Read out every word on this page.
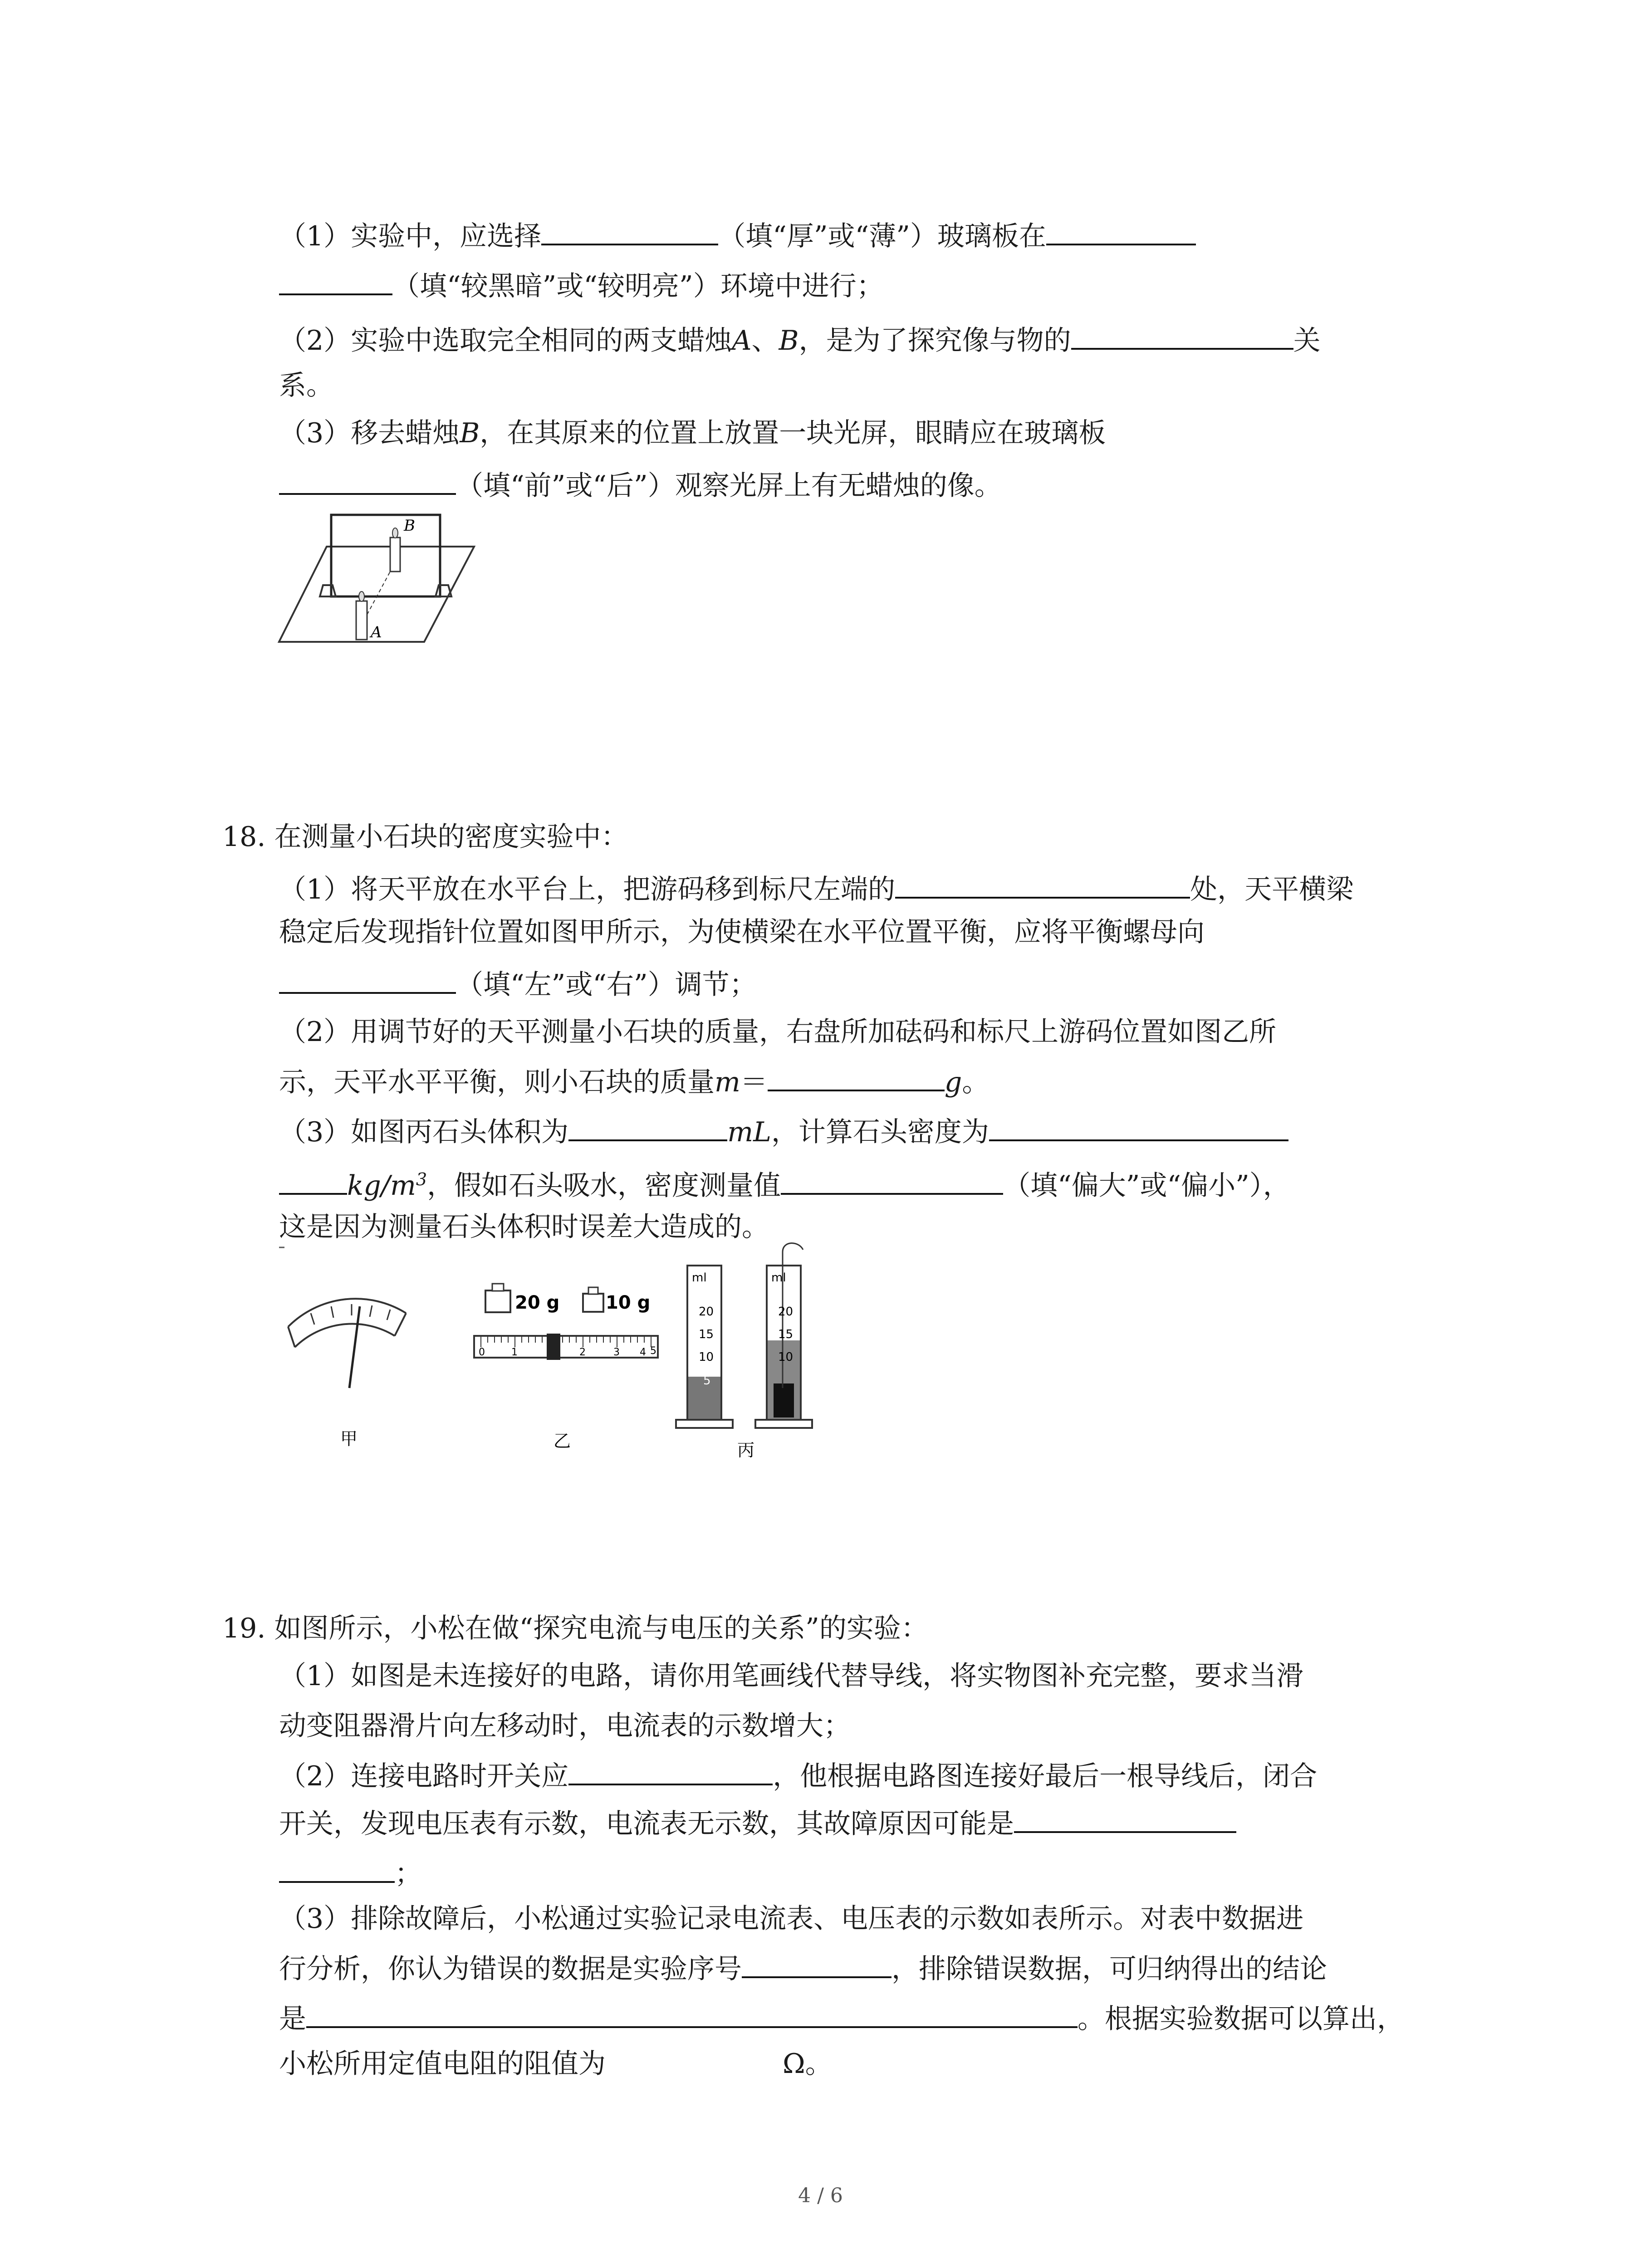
（1）实验中，应选择	（填“厚”或“薄”）玻璃板在
（填“较黑暗”或“较明亮”）环境中进行；
（2）实验中选取完全相同的两支蜡烛A、B，是为了探究像与物的	关
系。
（3）移去蜡烛B，在其原来的位置上放置一块光屏，眼睛应在玻璃板
（填“前”或“后”）观察光屏上有无蜡烛的像。
B
A
18. 在测量小石块的密度实验中：
（1）将天平放在水平台上，把游码移到标尺左端的	处，天平横梁
稳定后发现指针位置如图甲所示，为使横梁在水平位置平衡，应将平衡螺母向
（填“左”或“右”）调节；
（2）用调节好的天平测量小石块的质量，右盘所加砝码和标尺上游码位置如图乙所
示，天平水平平衡，则小石块的质量m＝	g。
（3）如图丙石头体积为	mL，计算石头密度为
$kg/m^3$，假如石头吸水，密度测量值	（填“偏大”或“偏小”），
这是因为测量石头体积时误差大造成的。
甲
20 g	10 g
0	1	2	3 4 5
乙
ml
20
15
10
5
ml
20
15
10
丙
19. 如图所示，小松在做“探究电流与电压的关系”的实验：
（1）如图是未连接好的电路，请你用笔画线代替导线，将实物图补充完整，要求当滑
动变阻器滑片向左移动时，电流表的示数增大；
（2）连接电路时开关应	，他根据电路图连接好最后一根导线后，闭合
开关，发现电压表有示数，电流表无示数，其故障原因可能是
；
（3）排除故障后，小松通过实验记录电流表、电压表的示数如表所示。对表中数据进
行分析，你认为错误的数据是实验序号	，排除错误数据，可归纳得出的结论
是	。根据实验数据可以算出，
小松所用定值电阻的阻值为	Ω。
4 / 6
